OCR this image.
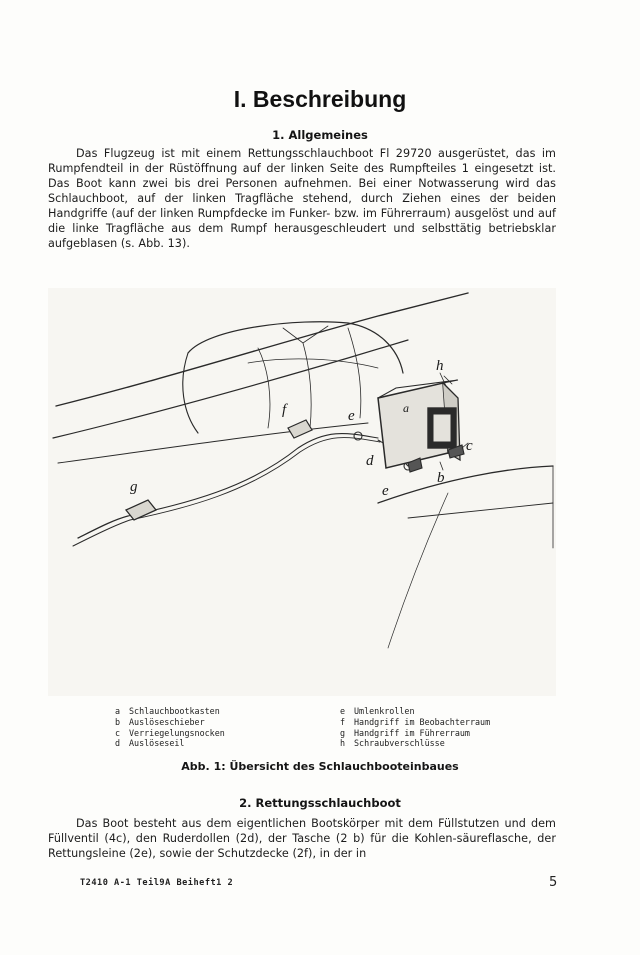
I. Beschreibung
1. Allgemeines

Das Flugzeug ist mit einem Rettungsschlauchboot Fl 29720 ausgerüstet, das im Rumpfendteil in der Rüstöffnung auf der linken Seite des Rumpfteiles 1 eingesetzt ist. Das Boot kann zwei bis drei Personen aufnehmen. Bei einer Notwasserung wird das Schlauchboot, auf der linken Tragfläche stehend, durch Ziehen eines der beiden Handgriffe (auf der linken Rumpfdecke im Funker- bzw. im Führerraum) ausgelöst und auf die linke Tragfläche aus dem Rumpf herausgeschleudert und selbsttätig betriebsklar aufgeblasen (s. Abb. 13).

h
a
c
b
e
e
d
f
g
a	Schlauchbootkasten
b	Auslöseschieber
c	Verriegelungsnocken
d	Auslöseseil
e	Umlenkrollen
f	Handgriff im Beobachterraum
g	Handgriff im Führerraum
h	Schraubverschlüsse
Abb. 1: Übersicht des Schlauchbooteinbaues
2. Rettungsschlauchboot

Das Boot besteht aus dem eigentlichen Bootskörper mit dem Füllstutzen und dem Füllventil (4c), den Ruderdollen (2d), der Tasche (2 b) für die Kohlen-säureflasche, der Rettungsleine (2e), sowie der Schutzdecke (2f), in der in

T2410 A-1 Teil9A Beiheft1 2	5
